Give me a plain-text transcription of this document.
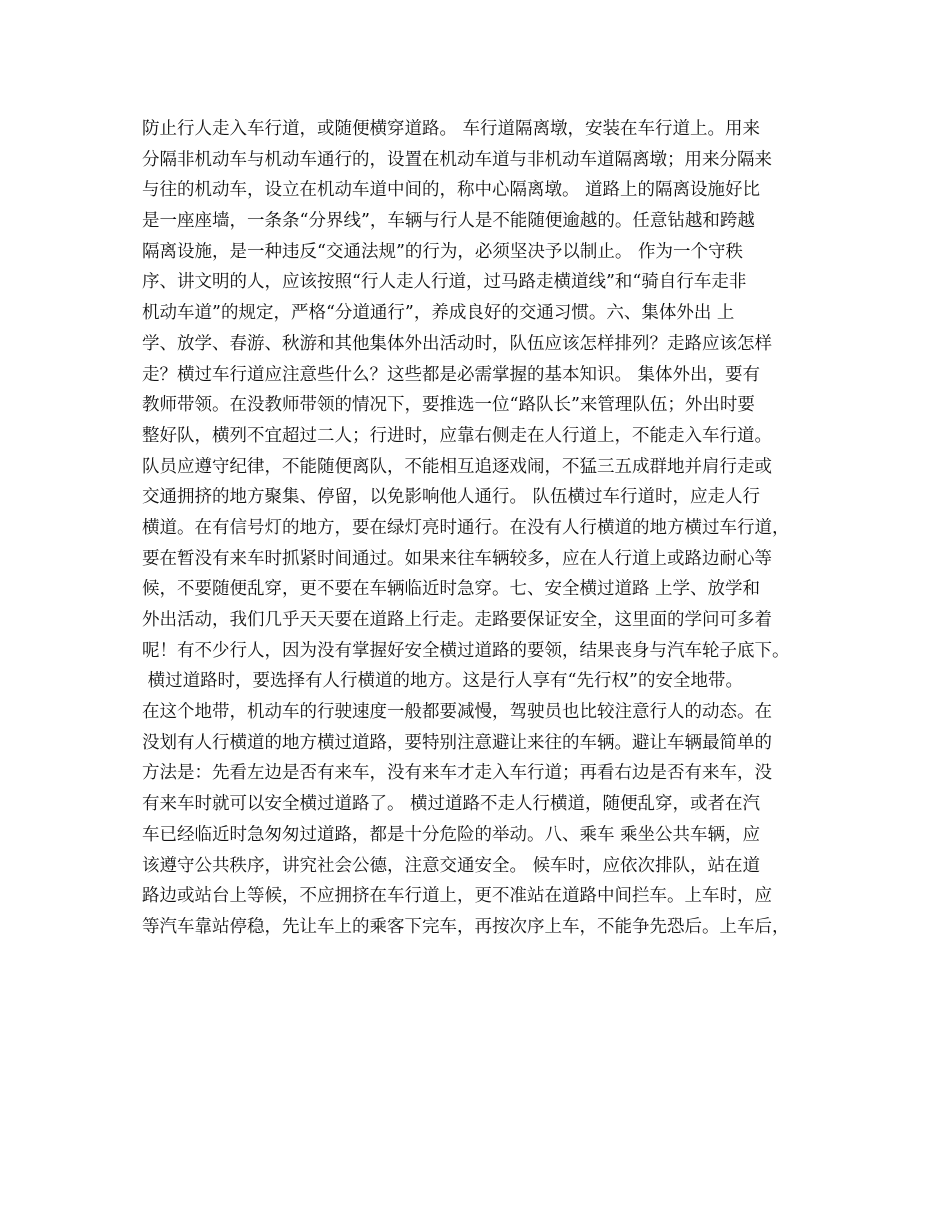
防止行人走入车行道，或随便横穿道路。 车行道隔离墩，安装在车行道上。用来
分隔非机动车与机动车通行的，设置在机动车道与非机动车道隔离墩；用来分隔来
与往的机动车，设立在机动车道中间的，称中心隔离墩。 道路上的隔离设施好比
是一座座墙，一条条“分界线”，车辆与行人是不能随便逾越的。任意钻越和跨越
隔离设施，是一种违反“交通法规”的行为，必须坚决予以制止。 作为一个守秩
序、讲文明的人，应该按照“行人走人行道，过马路走横道线”和“骑自行车走非
机动车道”的规定，严格“分道通行”，养成良好的交通习惯。六、集体外出 上
学、放学、春游、秋游和其他集体外出活动时，队伍应该怎样排列？走路应该怎样
走？横过车行道应注意些什么？这些都是必需掌握的基本知识。 集体外出，要有
教师带领。在没教师带领的情况下，要推选一位“路队长”来管理队伍；外出时要
整好队，横列不宜超过二人；行进时，应靠右侧走在人行道上，不能走入车行道。
队员应遵守纪律，不能随便离队，不能相互追逐戏闹，不猛三五成群地并肩行走或
交通拥挤的地方聚集、停留，以免影响他人通行。 队伍横过车行道时，应走人行
横道。在有信号灯的地方，要在绿灯亮时通行。在没有人行横道的地方横过车行道，
要在暂没有来车时抓紧时间通过。如果来往车辆较多，应在人行道上或路边耐心等
候，不要随便乱穿，更不要在车辆临近时急穿。七、安全横过道路 上学、放学和
外出活动，我们几乎天天要在道路上行走。走路要保证安全，这里面的学问可多着
呢！有不少行人，因为没有掌握好安全横过道路的要领，结果丧身与汽车轮子底下。
横过道路时，要选择有人行横道的地方。这是行人享有“先行权”的安全地带。
在这个地带，机动车的行驶速度一般都要减慢，驾驶员也比较注意行人的动态。在
没划有人行横道的地方横过道路，要特别注意避让来往的车辆。避让车辆最简单的
方法是：先看左边是否有来车，没有来车才走入车行道；再看右边是否有来车，没
有来车时就可以安全横过道路了。 横过道路不走人行横道，随便乱穿，或者在汽
车已经临近时急匆匆过道路，都是十分危险的举动。八、乘车 乘坐公共车辆，应
该遵守公共秩序，讲究社会公德，注意交通安全。 候车时，应依次排队，站在道
路边或站台上等候，不应拥挤在车行道上，更不准站在道路中间拦车。上车时，应
等汽车靠站停稳，先让车上的乘客下完车，再按次序上车，不能争先恐后。上车后，
